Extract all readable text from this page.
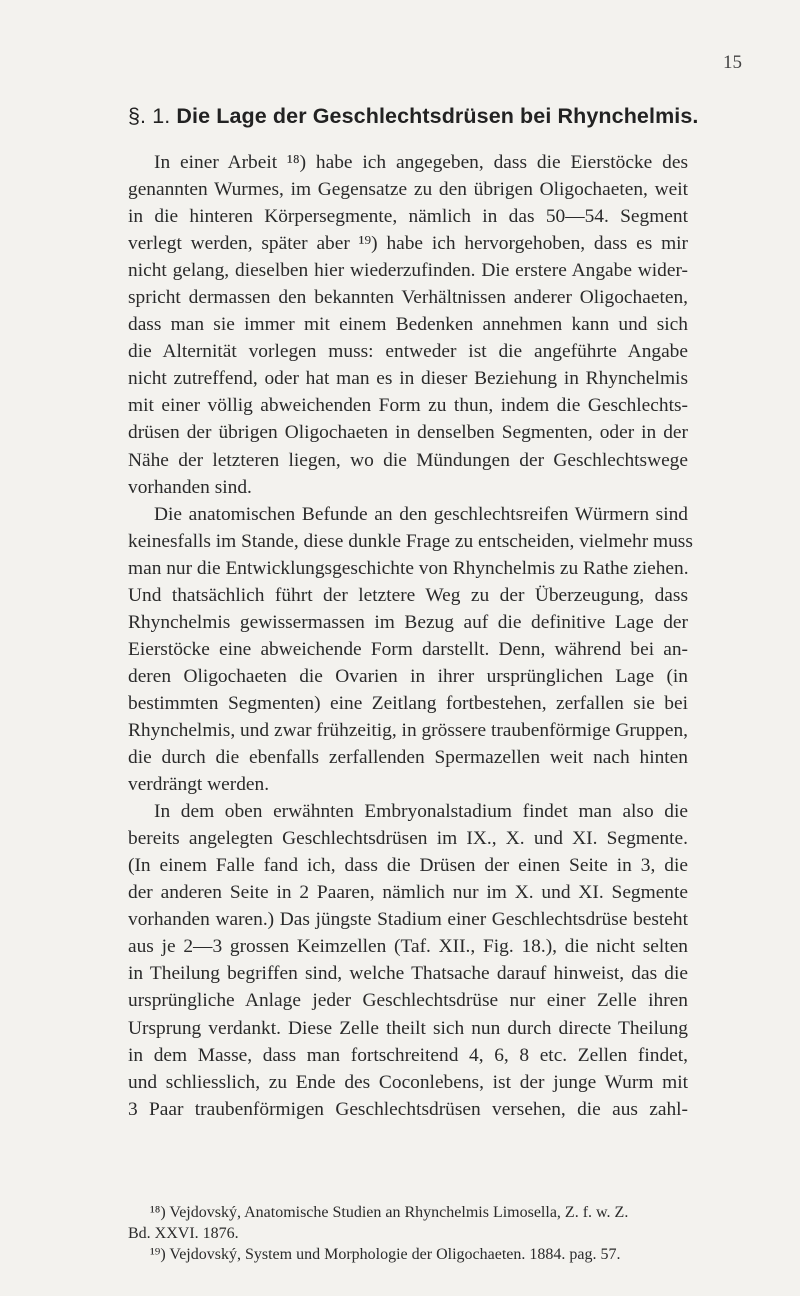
15
§. 1. Die Lage der Geschlechtsdrüsen bei Rhynchelmis.
In einer Arbeit ¹⁸) habe ich angegeben, dass die Eierstöcke des
genannten Wurmes, im Gegensatze zu den übrigen Oligochaeten, weit
in die hinteren Körpersegmente, nämlich in das 50—54. Segment
verlegt werden, später aber ¹⁹) habe ich hervorgehoben, dass es mir
nicht gelang, dieselben hier wiederzufinden. Die erstere Angabe wider-
spricht dermassen den bekannten Verhältnissen anderer Oligochaeten,
dass man sie immer mit einem Bedenken annehmen kann und sich
die Alternität vorlegen muss: entweder ist die angeführte Angabe
nicht zutreffend, oder hat man es in dieser Beziehung in Rhynchelmis
mit einer völlig abweichenden Form zu thun, indem die Geschlechts-
drüsen der übrigen Oligochaeten in denselben Segmenten, oder in der
Nähe der letzteren liegen, wo die Mündungen der Geschlechtswege
vorhanden sind.
Die anatomischen Befunde an den geschlechtsreifen Würmern sind
keinesfalls im Stande, diese dunkle Frage zu entscheiden, vielmehr muss
man nur die Entwicklungsgeschichte von Rhynchelmis zu Rathe ziehen.
Und thatsächlich führt der letztere Weg zu der Überzeugung, dass
Rhynchelmis gewissermassen im Bezug auf die definitive Lage der
Eierstöcke eine abweichende Form darstellt. Denn, während bei an-
deren Oligochaeten die Ovarien in ihrer ursprünglichen Lage (in
bestimmten Segmenten) eine Zeitlang fortbestehen, zerfallen sie bei
Rhynchelmis, und zwar frühzeitig, in grössere traubenförmige Gruppen,
die durch die ebenfalls zerfallenden Spermazellen weit nach hinten
verdrängt werden.
In dem oben erwähnten Embryonalstadium findet man also die
bereits angelegten Geschlechtsdrüsen im IX., X. und XI. Segmente.
(In einem Falle fand ich, dass die Drüsen der einen Seite in 3, die
der anderen Seite in 2 Paaren, nämlich nur im X. und XI. Segmente
vorhanden waren.) Das jüngste Stadium einer Geschlechtsdrüse besteht
aus je 2—3 grossen Keimzellen (Taf. XII., Fig. 18.), die nicht selten
in Theilung begriffen sind, welche Thatsache darauf hinweist, das die
ursprüngliche Anlage jeder Geschlechtsdrüse nur einer Zelle ihren
Ursprung verdankt. Diese Zelle theilt sich nun durch directe Theilung
in dem Masse, dass man fortschreitend 4, 6, 8 etc. Zellen findet,
und schliesslich, zu Ende des Coconlebens, ist der junge Wurm mit
3 Paar traubenförmigen Geschlechtsdrüsen versehen, die aus zahl-
¹⁸) Vejdovský, Anatomische Studien an Rhynchelmis Limosella, Z. f. w. Z.
Bd. XXVI. 1876.
¹⁹) Vejdovský, System und Morphologie der Oligochaeten. 1884. pag. 57.
